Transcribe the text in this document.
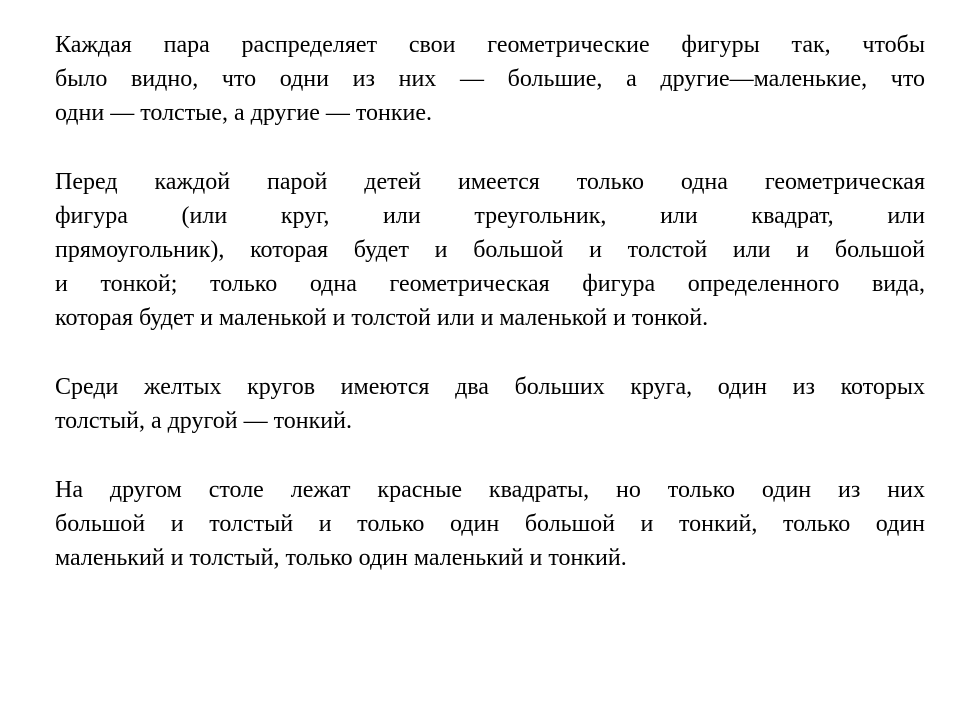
Каждая пара распределяет свои геометрические фигуры так, чтобы
было видно, что одни из них — большие, а другие—маленькие, что
одни — толстые, а другие — тонкие.

Перед каждой парой детей имеется только одна геометрическая
фигура (или круг, или треугольник, или квадрат, или
прямоугольник), которая будет и большой и толстой или и большой
и тонкой; только одна геометрическая фигура определенного вида,
которая будет и маленькой и толстой или и маленькой и тонкой.

Среди желтых кругов имеются два больших круга, один из которых
толстый, а другой — тонкий.

На другом столе лежат красные квадраты, но только один из них
большой и толстый и только один большой и тонкий, только один
маленький и толстый, только один маленький и тонкий.
